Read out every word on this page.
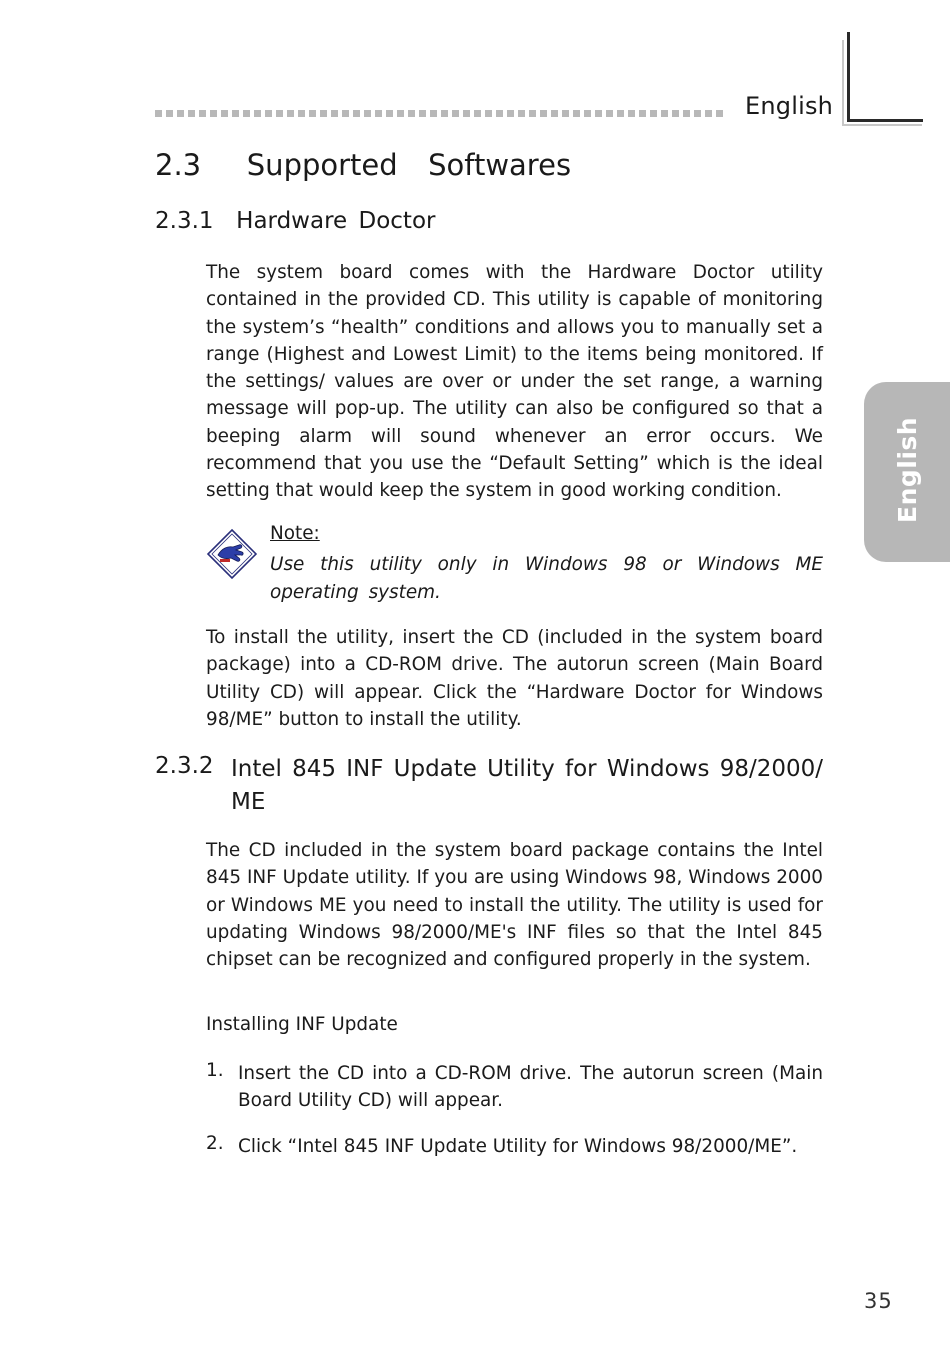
English
English
2.3   Supported  Softwares
2.3.1  Hardware Doctor
The system board comes with the Hardware Doctor utility contained in the provided CD. This utility is capable of monitoring the system’s “health” conditions and allows you to manually set a range (Highest and Lowest Limit) to the items being monitored. If the settings/ values are over or under the set range, a warning message will pop-up. The utility can also be configured so that a beeping alarm will sound whenever an error occurs. We recommend that you use the “Default Setting” which is the ideal setting that would keep the system in good working condition.
Note:
Use this utility only in Windows 98 or Windows ME operating system.
To install the utility, insert the CD (included in the system board package) into a CD-ROM drive. The autorun screen (Main Board Utility CD) will appear. Click the “Hardware Doctor for Windows 98/ME” button to install the utility.
2.3.2 Intel 845 INF Update Utility for Windows 98/2000/ ME
The CD included in the system board package contains the Intel 845 INF Update utility. If you are using Windows 98, Windows 2000 or Windows ME you need to install the utility. The utility is used for updating Windows 98/2000/ME's INF files so that the Intel 845 chipset can be recognized and configured properly in the system.
Installing INF Update
1. Insert the CD into a CD-ROM drive. The autorun screen (Main Board Utility CD) will appear.
2. Click “Intel 845 INF Update Utility for Windows 98/2000/ME”.
35
